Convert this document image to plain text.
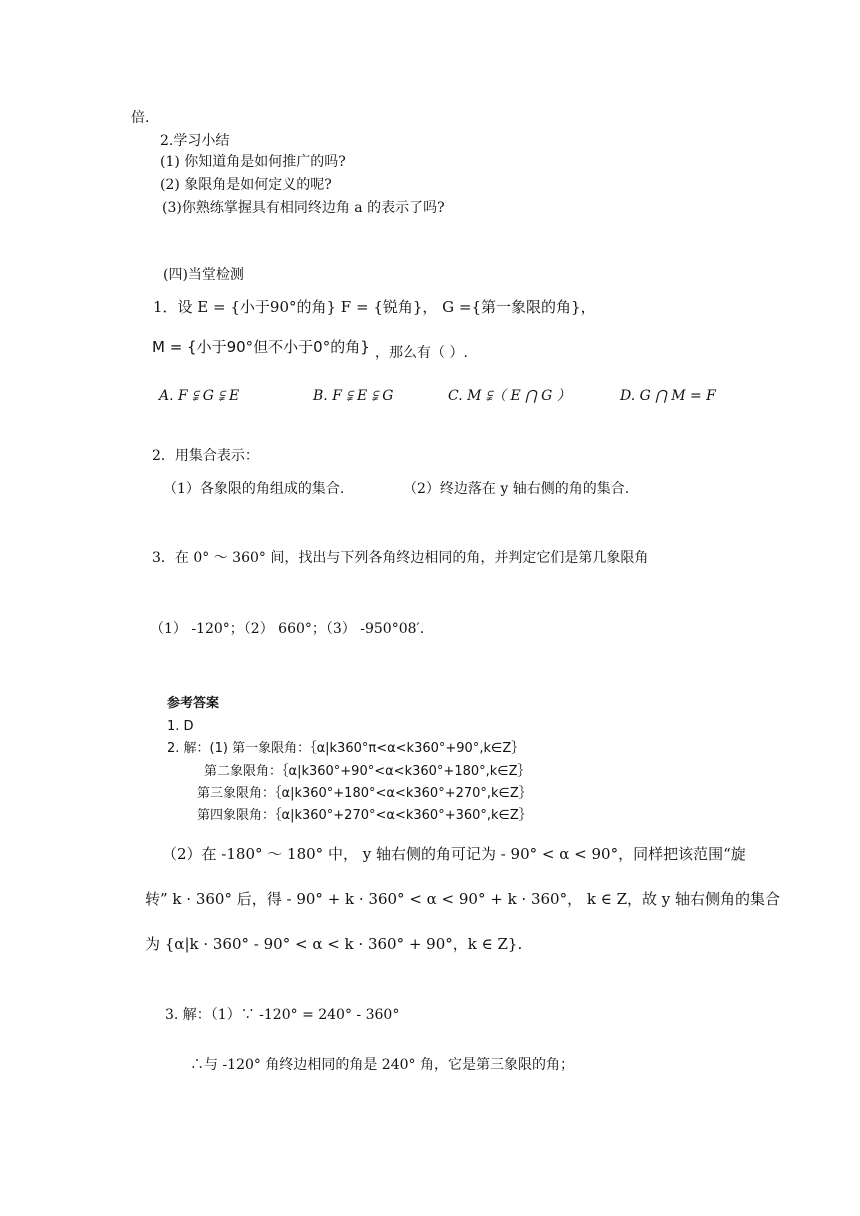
倍.
2.学习小结
(1) 你知道角是如何推广的吗?
(2) 象限角是如何定义的呢?
(3)你熟练掌握具有相同终边角 a 的表示了吗?
(四)当堂检测
1．设 E = {小于90°的角} F = {锐角}， G ={第一象限的角}，
M = {小于90°但不小于0°的角} ，那么有（ ）.
A. F ⫋ G ⫋ E	B. F ⫋ E ⫋ G	C. M ⫋（ E ⋂ G ）	D. G ⋂ M = F
2．用集合表示：
（1）各象限的角组成的集合.	（2）终边落在 y 轴右侧的角的集合.
3．在 0° ～ 360° 间，找出与下列各角终边相同的角，并判定它们是第几象限角
（1） -120°；（2） 660°；（3） -950°08′.
参考答案
1. D
2. 解：(1) 第一象限角：｛α|k360°π<α<k360°+90°,k∈Z｝
第二象限角：｛α|k360°+90°<α<k360°+180°,k∈Z｝
第三象限角：｛α|k360°+180°<α<k360°+270°,k∈Z｝
第四象限角：｛α|k360°+270°<α<k360°+360°,k∈Z｝
（2）在 -180° ～ 180° 中， y 轴右侧的角可记为 - 90° < α < 90°，同样把该范围“旋
转” k · 360° 后，得 - 90° + k · 360° < α < 90° + k · 360°， k ∈ Z，故 y 轴右侧角的集合
为 {α|k · 360° - 90° < α < k · 360° + 90°，k ∈ Z}.
3. 解：（1）∵ -120° = 240° - 360°
∴与 -120° 角终边相同的角是 240° 角，它是第三象限的角；
